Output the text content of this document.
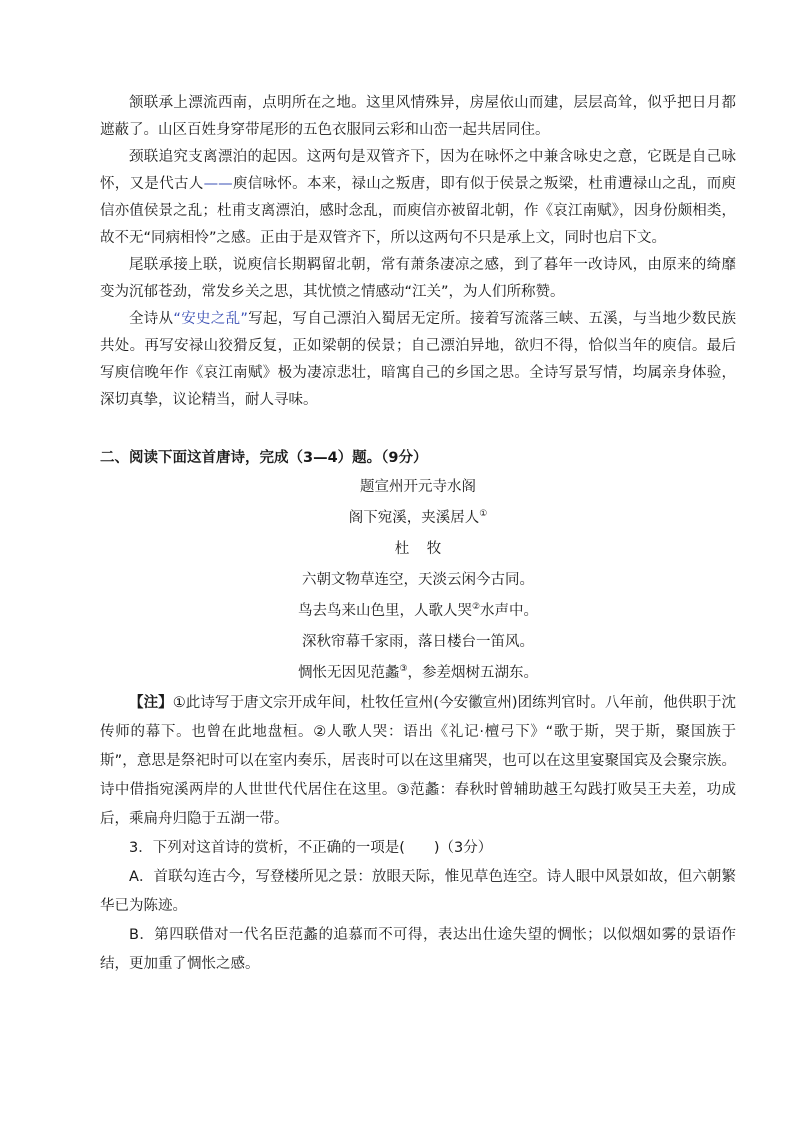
颔联承上漂流西南，点明所在之地。这里风情殊异，房屋依山而建，层层高耸，似乎把日月都遮蔽了。山区百姓身穿带尾形的五色衣服同云彩和山峦一起共居同住。

颈联追究支离漂泊的起因。这两句是双管齐下，因为在咏怀之中兼含咏史之意，它既是自己咏怀，又是代古人——庾信咏怀。本来，禄山之叛唐，即有似于侯景之叛梁，杜甫遭禄山之乱，而庾信亦值侯景之乱；杜甫支离漂泊，感时念乱，而庾信亦被留北朝，作《哀江南赋》，因身份颇相类，故不无“同病相怜”之感。正由于是双管齐下，所以这两句不只是承上文，同时也启下文。

尾联承接上联，说庾信长期羁留北朝，常有萧条凄凉之感，到了暮年一改诗风，由原来的绮靡变为沉郁苍劲，常发乡关之思，其忧愤之情感动“江关”，为人们所称赞。

全诗从“安史之乱”写起，写自己漂泊入蜀居无定所。接着写流落三峡、五溪，与当地少数民族共处。再写安禄山狡猾反复，正如梁朝的侯景；自己漂泊异地，欲归不得，恰似当年的庾信。最后写庾信晚年作《哀江南赋》极为凄凉悲壮，暗寓自己的乡国之思。全诗写景写情，均属亲身体验，深切真挚，议论精当，耐人寻味。

二、阅读下面这首唐诗，完成（3—4）题。（9分）

题宣州开元寺水阁

阁下宛溪，夹溪居人①

杜 牧

六朝文物草连空，天淡云闲今古同。

鸟去鸟来山色里，人歌人哭②水声中。

深秋帘幕千家雨，落日楼台一笛风。

惆怅无因见范蠡③，参差烟树五湖东。

【注】①此诗写于唐文宗开成年间，杜牧任宣州(今安徽宣州)团练判官时。八年前，他供职于沈传师的幕下。也曾在此地盘桓。②人歌人哭：语出《礼记·檀弓下》“歌于斯，哭于斯，聚国族于斯”，意思是祭祀时可以在室内奏乐，居丧时可以在这里痛哭，也可以在这里宴聚国宾及会聚宗族。诗中借指宛溪两岸的人世世代代居住在这里。③范蠡：春秋时曾辅助越王勾践打败吴王夫差，功成后，乘扁舟归隐于五湖一带。

3．下列对这首诗的赏析，不正确的一项是(　　)（3分）

A．首联勾连古今，写登楼所见之景：放眼天际，惟见草色连空。诗人眼中风景如故，但六朝繁华已为陈迹。

B．第四联借对一代名臣范蠡的追慕而不可得，表达出仕途失望的惆怅；以似烟如雾的景语作结，更加重了惆怅之感。
